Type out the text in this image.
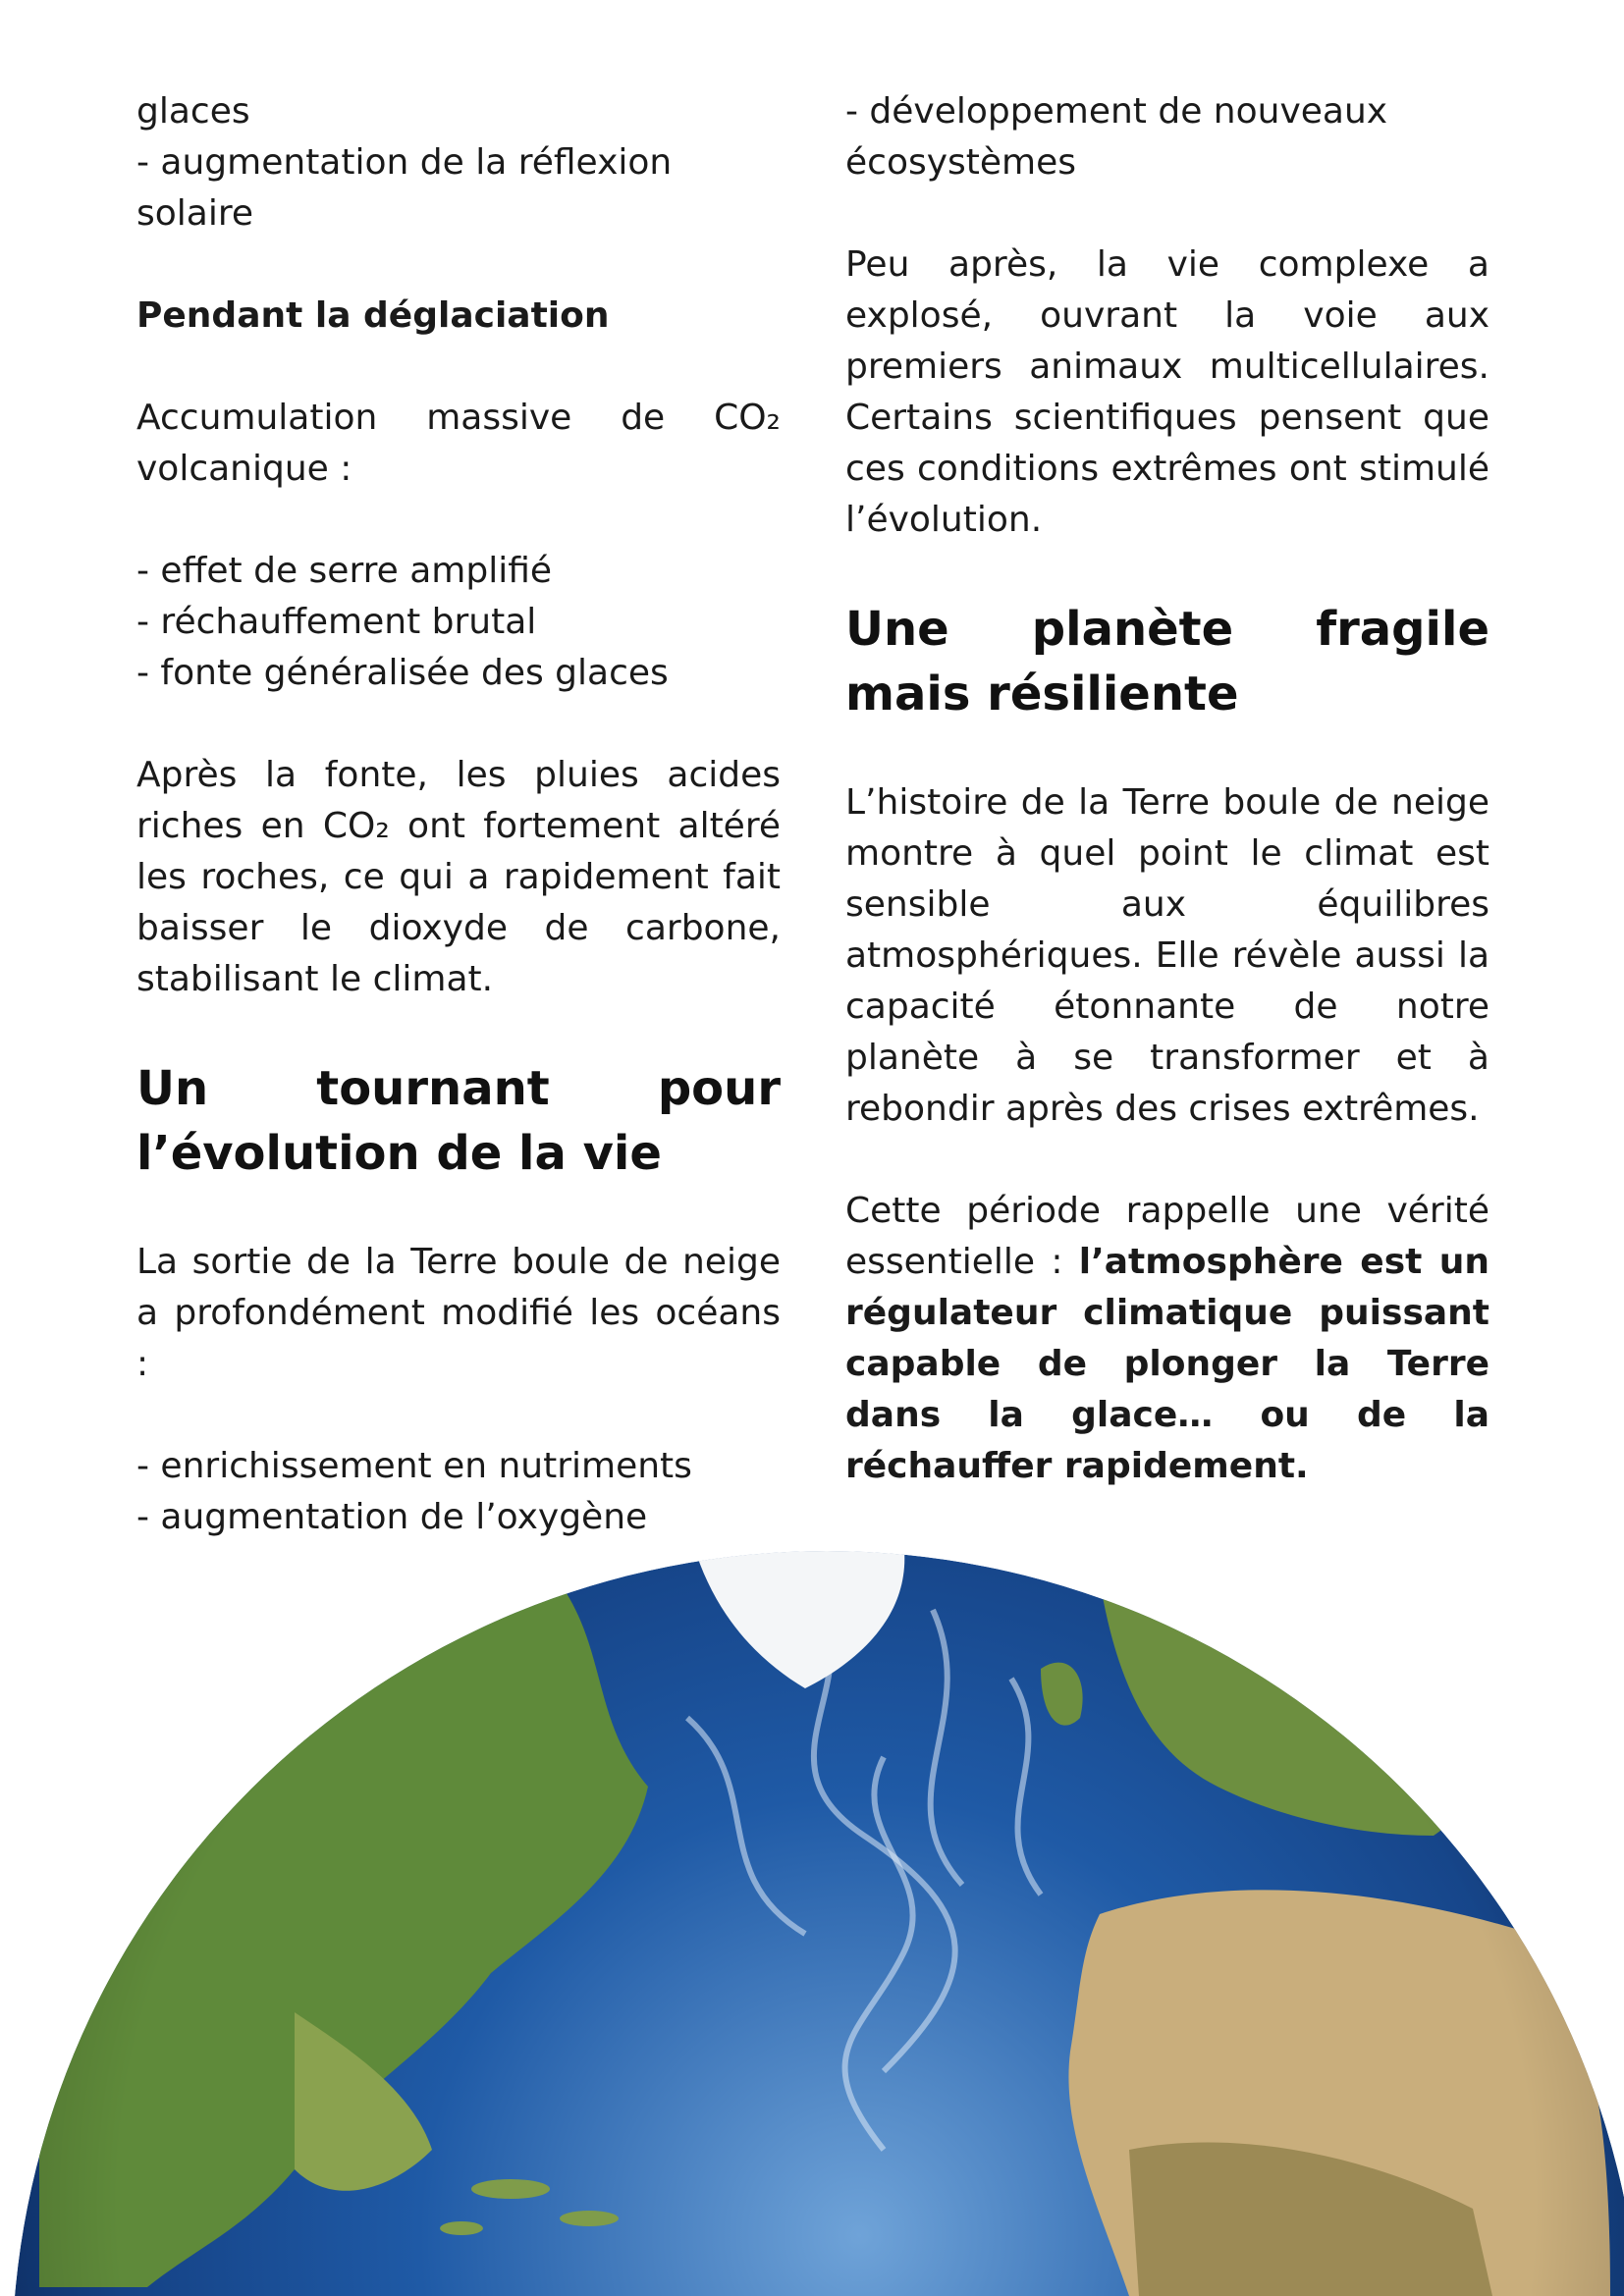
glaces
- augmentation de la réflexion solaire

Pendant la déglaciation

Accumulation massive de CO₂ volcanique :

- effet de serre amplifié
- réchauffement brutal
- fonte généralisée des glaces

Après la fonte, les pluies acides riches en CO₂ ont fortement altéré les roches, ce qui a rapidement fait baisser le dioxyde de carbone, stabilisant le climat.

Un tournant pour l’évolution de la vie

La sortie de la Terre boule de neige a profondément modifié les océans :

- enrichissement en nutriments
- augmentation de l’oxygène

- développement de nouveaux écosystèmes

Peu après, la vie complexe a explosé, ouvrant la voie aux premiers animaux multicellulaires. Certains scientifiques pensent que ces conditions extrêmes ont stimulé l’évolution.

Une planète fragile mais résiliente

L’histoire de la Terre boule de neige montre à quel point le climat est sensible aux équilibres atmosphériques. Elle révèle aussi la capacité étonnante de notre planète à se transformer et à rebondir après des crises extrêmes.

Cette période rappelle une vérité essentielle : l’atmosphère est un régulateur climatique puissant capable de plonger la Terre dans la glace… ou de la réchauffer rapidement.
